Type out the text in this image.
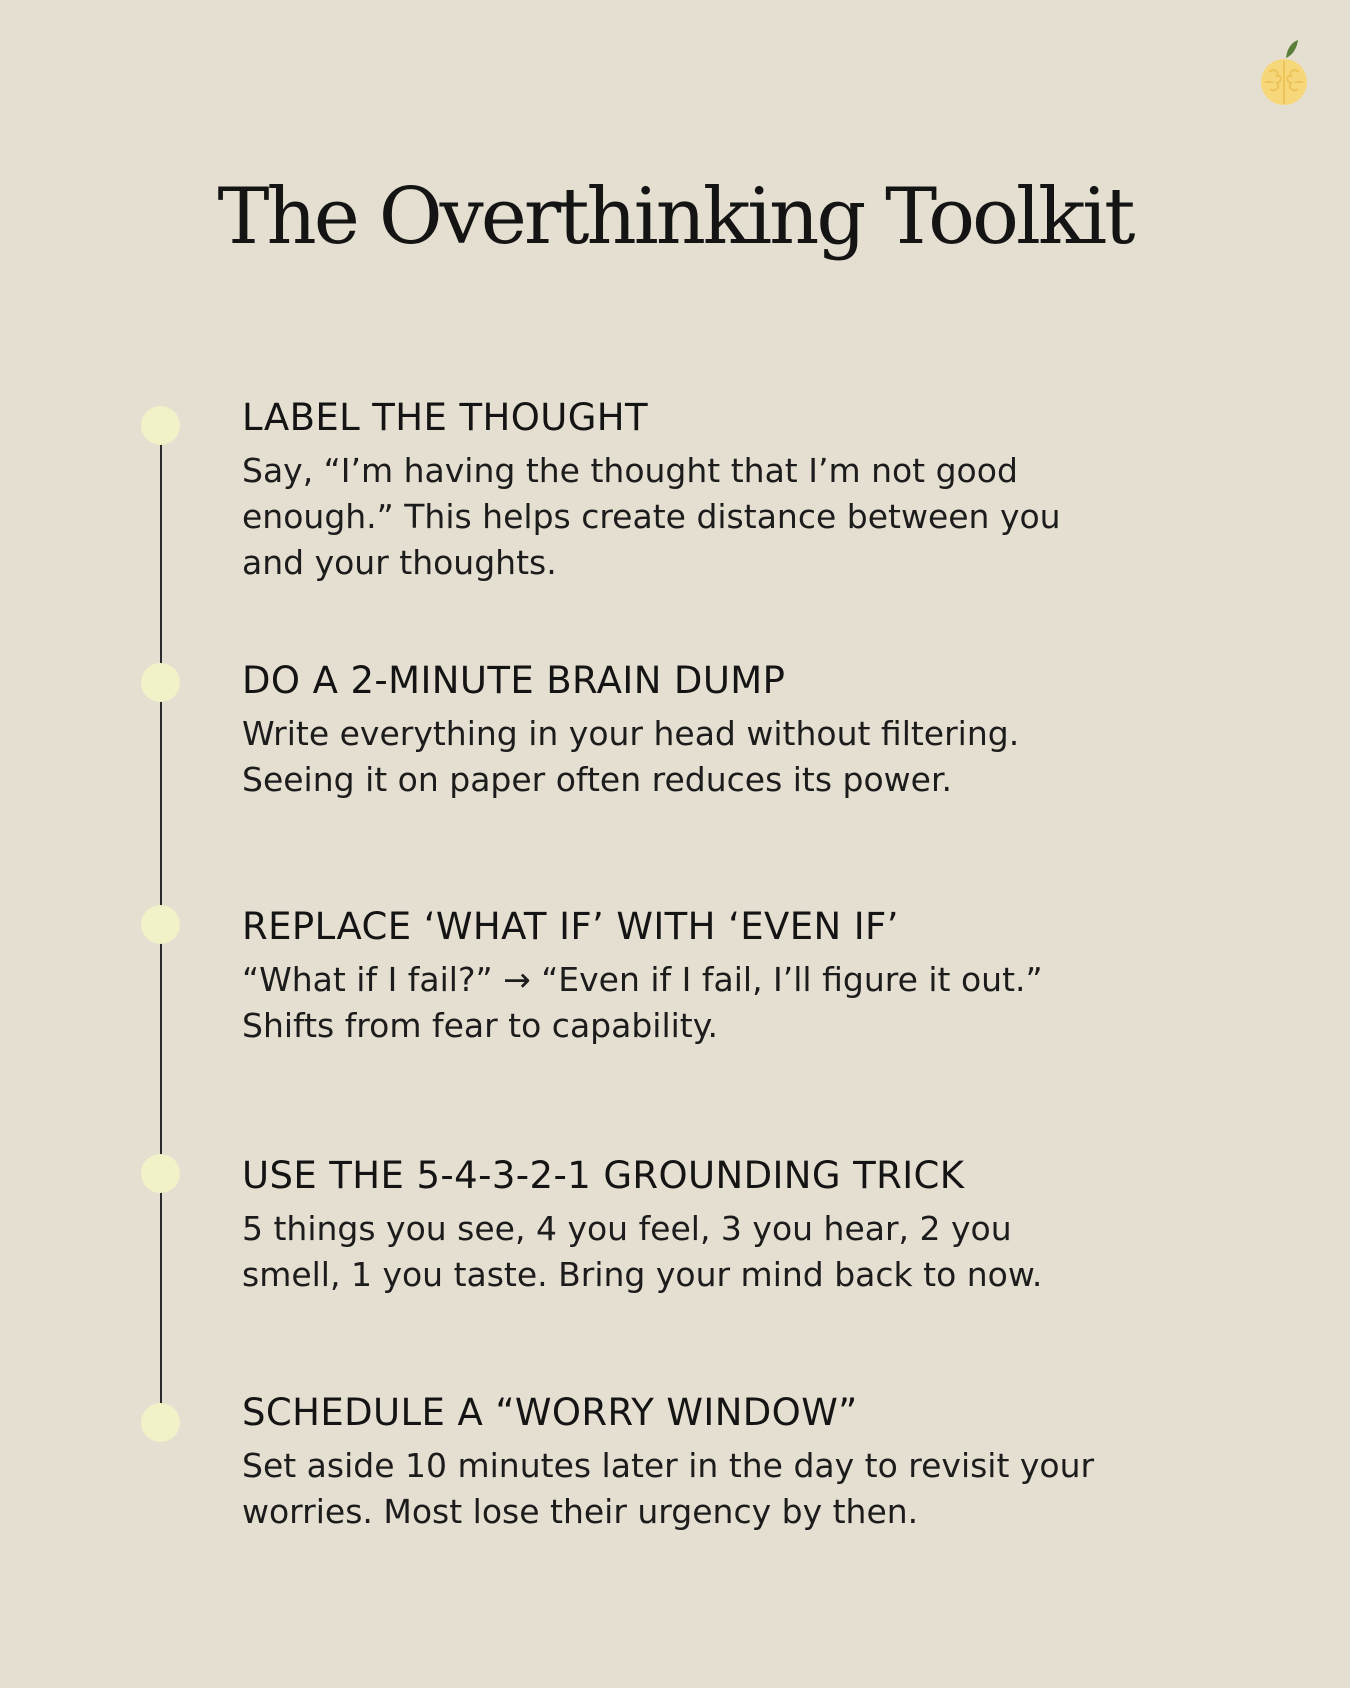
The Overthinking Toolkit
LABEL THE THOUGHT

Say, “I’m having the thought that I’m not good enough.” This helps create distance between you and your thoughts.

DO A 2-MINUTE BRAIN DUMP

Write everything in your head without filtering. Seeing it on paper often reduces its power.

REPLACE ‘WHAT IF’ WITH ‘EVEN IF’

“What if I fail?” → “Even if I fail, I’ll figure it out.” Shifts from fear to capability.

USE THE 5-4-3-2-1 GROUNDING TRICK

5 things you see, 4 you feel, 3 you hear, 2 you smell, 1 you taste. Bring your mind back to now.

SCHEDULE A “WORRY WINDOW”

Set aside 10 minutes later in the day to revisit your worries. Most lose their urgency by then.
